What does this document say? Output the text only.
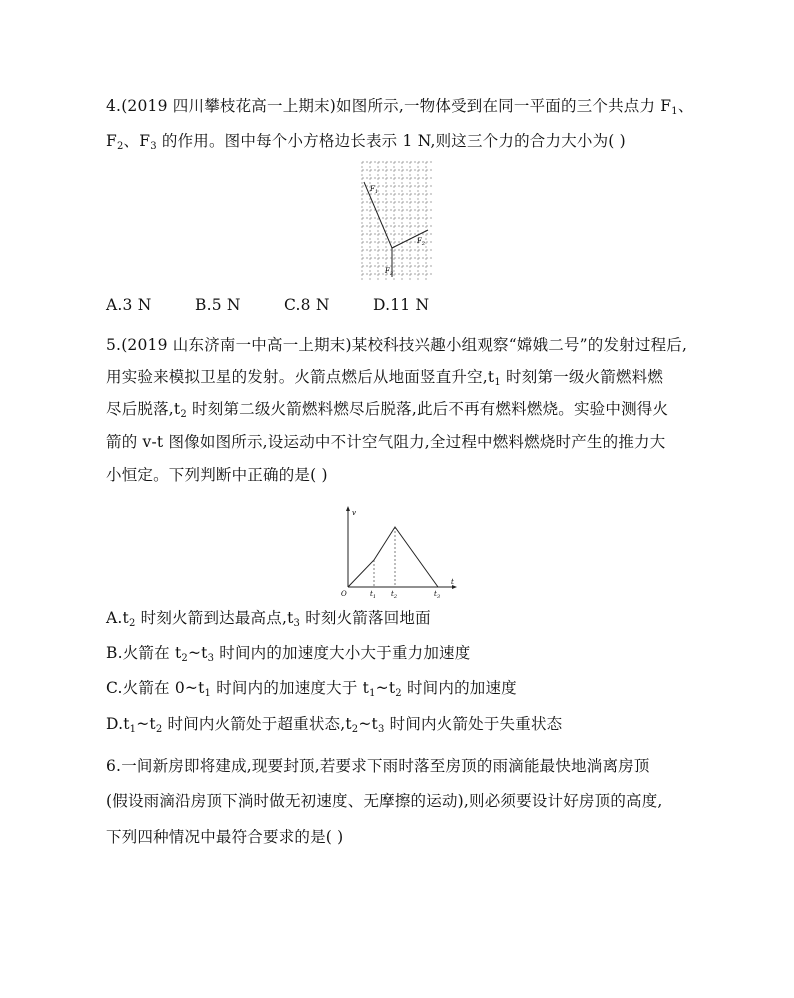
4.(2019 四川攀枝花高一上期末)如图所示,一物体受到在同一平面的三个共点力 $F_1$、
$F_2$、$F_3$ 的作用。图中每个小方格边长表示 1 N,则这三个力的合力大小为( )
$F_1$
$F_2$
$F_3$
A.3 N	B.5 N	C.8 N	D.11 N
5.(2019 山东济南一中高一上期末)某校科技兴趣小组观察“嫦娥二号”的发射过程后,
用实验来模拟卫星的发射。火箭点燃后从地面竖直升空$,t_1$ 时刻第一级火箭燃料燃
尽后脱落$,t_2$ 时刻第二级火箭燃料燃尽后脱落,此后不再有燃料燃烧。实验中测得火
箭的 v-t 图像如图所示,设运动中不计空气阻力,全过程中燃料燃烧时产生的推力大
小恒定。下列判断中正确的是( )
v
t
O	$t_1$ $t_2$	$t_3$
$A.t_2$ 时刻火箭到达最高点$,t_3$ 时刻火箭落回地面
B.火箭在 $t_2\sim t_3$ 时间内的加速度大小大于重力加速度
C.火箭在 $0\sim t_1$ 时间内的加速度大于 $t_1\sim t_2$ 时间内的加速度
$D.t_1\sim t_2$ 时间内火箭处于超重状态$,t_2\sim t_3$ 时间内火箭处于失重状态
6.一间新房即将建成,现要封顶,若要求下雨时落至房顶的雨滴能最快地淌离房顶
(假设雨滴沿房顶下淌时做无初速度、无摩擦的运动),则必须要设计好房顶的高度,
下列四种情况中最符合要求的是( )
